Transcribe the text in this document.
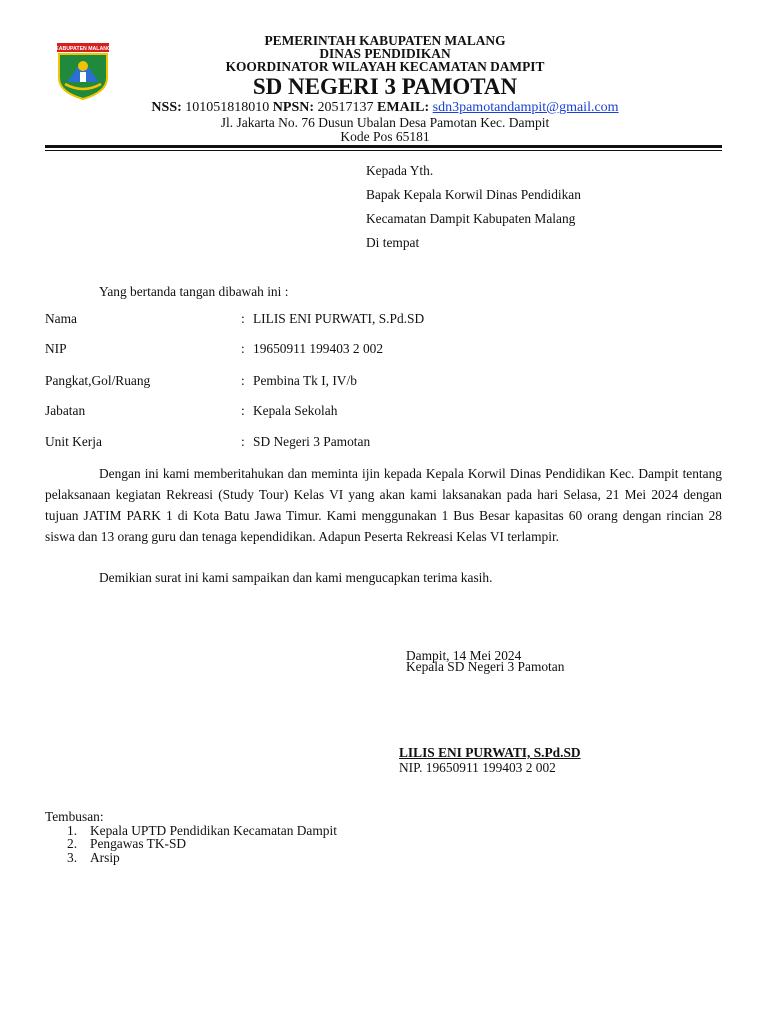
KABUPATEN MALANG
PEMERINTAH KABUPATEN MALANG
DINAS PENDIDIKAN
KOORDINATOR WILAYAH KECAMATAN DAMPIT
SD NEGERI 3 PAMOTAN
NSS: 101051818010 NPSN: 20517137 EMAIL: sdn3pamotandampit@gmail.com
Jl. Jakarta No. 76 Dusun Ubalan Desa Pamotan Kec. Dampit
Kode Pos 65181
Kepada Yth.
Bapak Kepala Korwil Dinas Pendidikan
Kecamatan Dampit Kabupaten Malang
Di tempat
Yang bertanda tangan dibawah ini :
Nama	: LILIS ENI PURWATI, S.Pd.SD
NIP	: 19650911 199403 2 002
Pangkat,Gol/Ruang	: Pembina Tk I, IV/b
Jabatan	: Kepala Sekolah
Unit Kerja	: SD Negeri 3 Pamotan
Dengan ini kami memberitahukan dan meminta ijin kepada Kepala Korwil Dinas Pendidikan Kec. Dampit tentang pelaksanaan kegiatan Rekreasi (Study Tour) Kelas VI yang akan kami laksanakan pada hari Selasa, 21 Mei 2024 dengan tujuan JATIM PARK 1 di Kota Batu Jawa Timur. Kami menggunakan 1 Bus Besar kapasitas 60 orang dengan rincian 28 siswa dan 13 orang guru dan tenaga kependidikan. Adapun Peserta Rekreasi Kelas VI terlampir.
Demikian surat ini kami sampaikan dan kami mengucapkan terima kasih.
Dampit, 14 Mei 2024
Kepala SD Negeri 3 Pamotan
LILIS ENI PURWATI, S.Pd.SD
NIP. 19650911 199403 2 002
Tembusan:
1. Kepala UPTD Pendidikan Kecamatan Dampit
2. Pengawas TK-SD
3. Arsip
